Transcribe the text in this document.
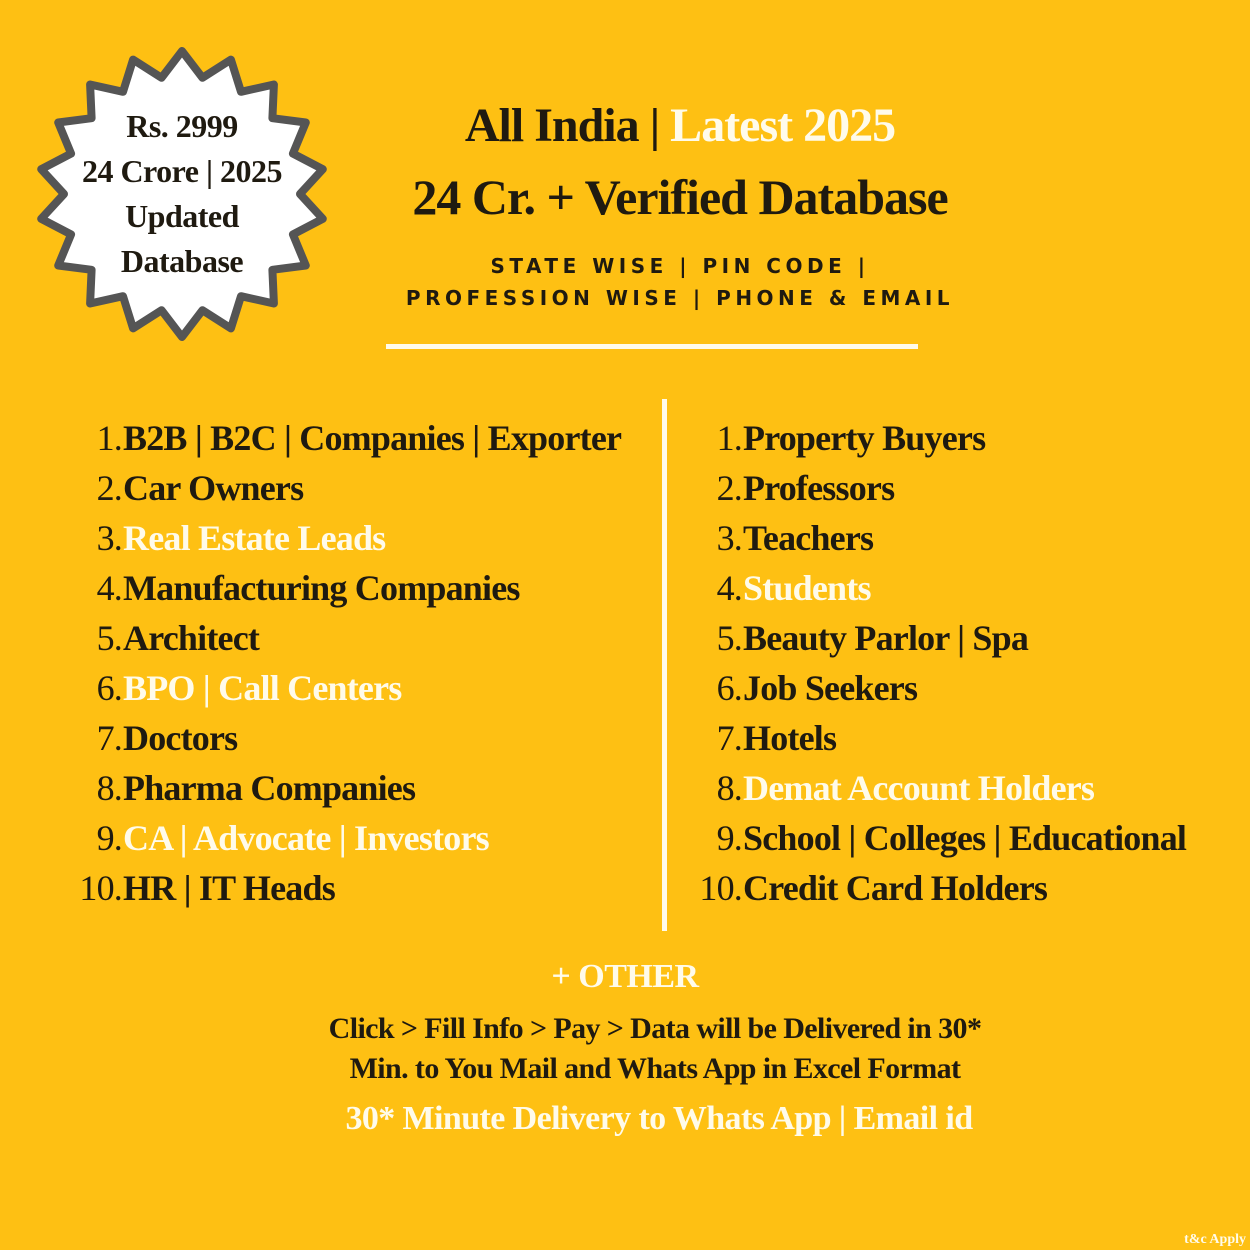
Rs. 2999
24 Crore | 2025
Updated
Database
All India | Latest 2025
24 Cr. + Verified Database
STATE WISE | PIN CODE |
PROFESSION WISE | PHONE & EMAIL
1. B2B | B2C | Companies | Exporter
2. Car Owners
3. Real Estate Leads
4. Manufacturing Companies
5. Architect
6. BPO | Call Centers
7. Doctors
8. Pharma Companies
9. CA | Advocate | Investors
10. HR | IT Heads
1. Property Buyers
2. Professors
3. Teachers
4. Students
5. Beauty Parlor | Spa
6. Job Seekers
7. Hotels
8. Demat Account Holders
9. School | Colleges | Educational
10. Credit Card Holders
+ OTHER
Click > Fill Info > Pay > Data will be Delivered in 30*
Min. to You Mail and Whats App in Excel Format
30* Minute Delivery to Whats App | Email id
t&c Apply
